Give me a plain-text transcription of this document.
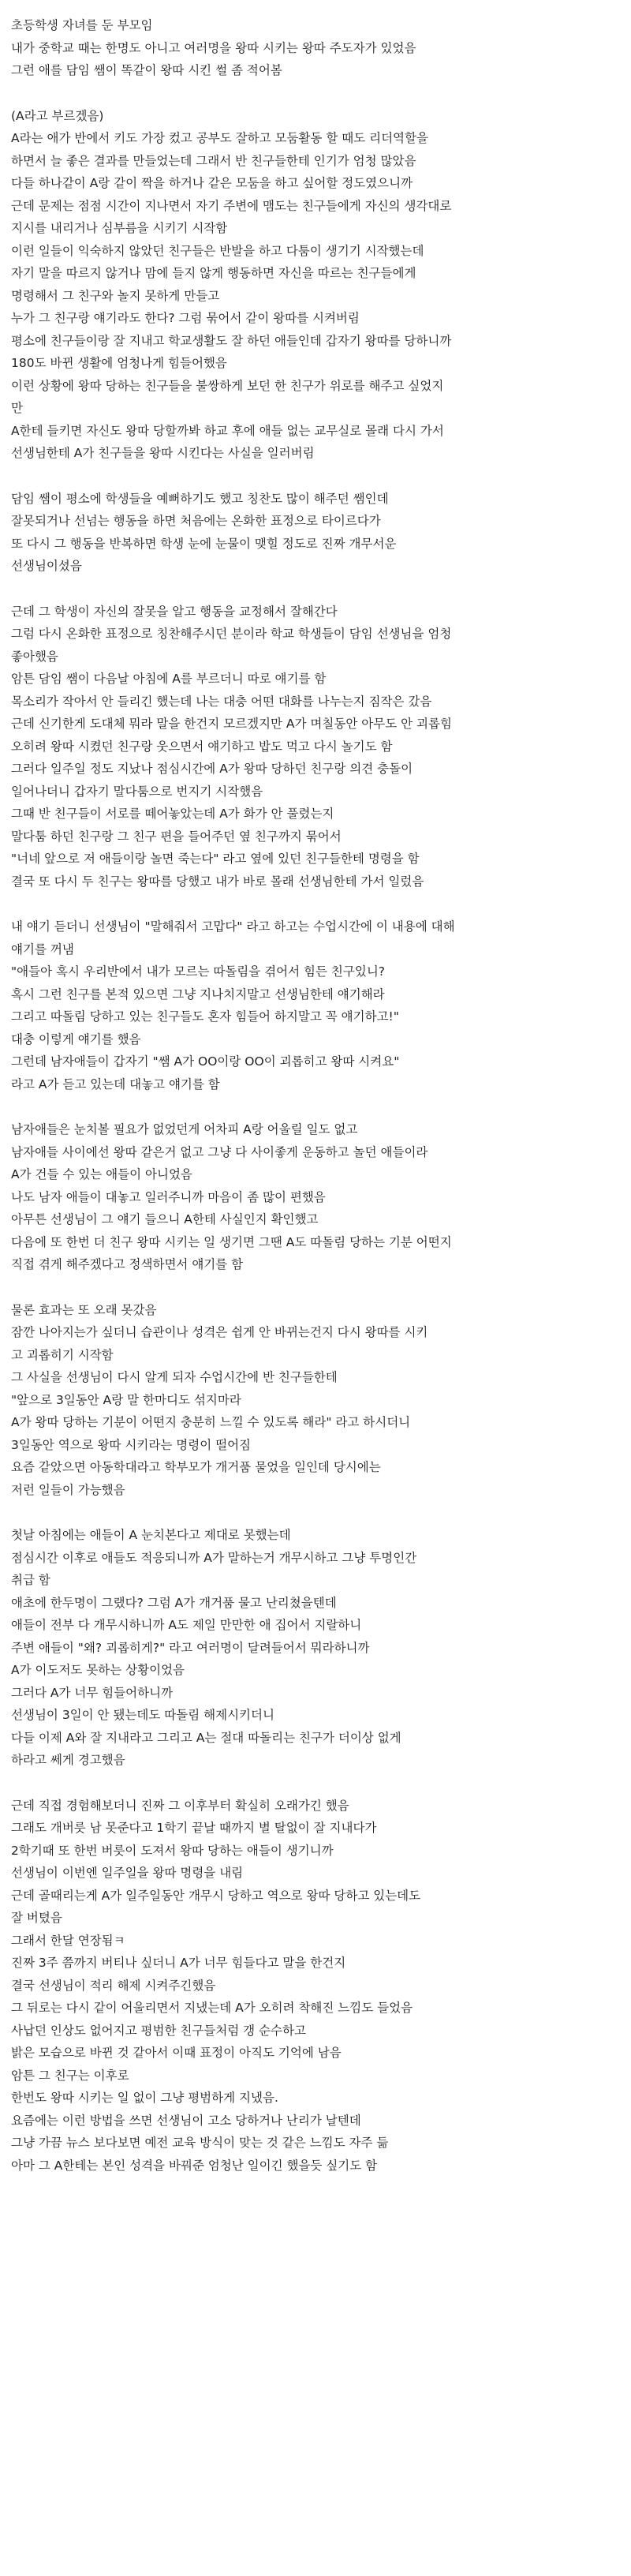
초등학생 자녀를 둔 부모임
내가 중학교 때는 한명도 아니고 여러명을 왕따 시키는 왕따 주도자가 있었음
그런 애를 담임 쌤이 똑같이 왕따 시킨 썰 좀 적어봄
(A라고 부르겠음)
A라는 애가 반에서 키도 가장 컸고 공부도 잘하고 모둠활동 할 때도 리더역할을
하면서 늘 좋은 결과를 만들었는데 그래서 반 친구들한테 인기가 엄청 많았음
다들 하나같이 A랑 같이 짝을 하거나 같은 모둠을 하고 싶어할 정도였으니까
근데 문제는 점점 시간이 지나면서 자기 주변에 맴도는 친구들에게 자신의 생각대로
지시를 내리거나 심부름을 시키기 시작함
이런 일들이 익숙하지 않았던 친구들은 반발을 하고 다툼이 생기기 시작했는데
자기 말을 따르지 않거나 맘에 들지 않게 행동하면 자신을 따르는 친구들에게
명령해서 그 친구와 놀지 못하게 만들고
누가 그 친구랑 얘기라도 한다? 그럼 묶어서 같이 왕따를 시켜버림
평소에 친구들이랑 잘 지내고 학교생활도 잘 하던 애들인데 갑자기 왕따를 당하니까
180도 바뀐 생활에 엄청나게 힘들어했음
이런 상황에 왕따 당하는 친구들을 불쌍하게 보던 한 친구가 위로를 해주고 싶었지
만
A한테 들키면 자신도 왕따 당할까봐 하교 후에 애들 없는 교무실로 몰래 다시 가서
선생님한테 A가 친구들을 왕따 시킨다는 사실을 일러버림
담임 쌤이 평소에 학생들을 예뻐하기도 했고 칭찬도 많이 해주던 쌤인데
잘못되거나 선넘는 행동을 하면 처음에는 온화한 표정으로 타이르다가
또 다시 그 행동을 반복하면 학생 눈에 눈물이 맺힐 정도로 진짜 개무서운
선생님이셨음
근데 그 학생이 자신의 잘못을 알고 행동을 교정해서 잘해간다
그럼 다시 온화한 표정으로 칭찬해주시던 분이라 학교 학생들이 담임 선생님을 엄청
좋아했음
암튼 담임 쌤이 다음날 아침에 A를 부르더니 따로 얘기를 함
목소리가 작아서 안 들리긴 했는데 나는 대충 어떤 대화를 나누는지 짐작은 갔음
근데 신기한게 도대체 뭐라 말을 한건지 모르겠지만 A가 며칠동안 아무도 안 괴롭힘
오히려 왕따 시켰던 친구랑 웃으면서 얘기하고 밥도 먹고 다시 놀기도 함
그러다 일주일 정도 지났나 점심시간에 A가 왕따 당하던 친구랑 의견 충돌이
일어나더니 갑자기 말다툼으로 번지기 시작했음
그때 반 친구들이 서로를 떼어놓았는데 A가 화가 안 풀렸는지
말다툼 하던 친구랑 그 친구 편을 들어주던 옆 친구까지 묶어서
"너네 앞으로 저 애들이랑 놀면 죽는다" 라고 옆에 있던 친구들한테 명령을 함
결국 또 다시 두 친구는 왕따를 당했고 내가 바로 몰래 선생님한테 가서 일렀음
내 얘기 듣더니 선생님이 "말해줘서 고맙다" 라고 하고는 수업시간에 이 내용에 대해
얘기를 꺼냄
"애들아 혹시 우리반에서 내가 모르는 따돌림을 겪어서 힘든 친구있니?
혹시 그런 친구를 본적 있으면 그냥 지나치지말고 선생님한테 얘기해라
그리고 따돌림 당하고 있는 친구들도 혼자 힘들어 하지말고 꼭 얘기하고!"
대충 이렇게 얘기를 했음
그런데 남자애들이 갑자기 "쌤 A가 OO이랑 OO이 괴롭히고 왕따 시켜요"
라고 A가 듣고 있는데 대놓고 얘기를 함
남자애들은 눈치볼 필요가 없었던게 어차피 A랑 어울릴 일도 없고
남자애들 사이에선 왕따 같은거 없고 그냥 다 사이좋게 운동하고 놀던 애들이라
A가 건들 수 있는 애들이 아니었음
나도 남자 애들이 대놓고 일러주니까 마음이 좀 많이 편했음
아무튼 선생님이 그 얘기 들으니 A한테 사실인지 확인했고
다음에 또 한번 더 친구 왕따 시키는 일 생기면 그땐 A도 따돌림 당하는 기분 어떤지
직접 겪게 해주겠다고 정색하면서 얘기를 함
물론 효과는 또 오래 못갔음
잠깐 나아지는가 싶더니 습관이나 성격은 쉽게 안 바뀌는건지 다시 왕따를 시키
고 괴롭히기 시작함
그 사실을 선생님이 다시 알게 되자 수업시간에 반 친구들한테
"앞으로 3일동안 A랑 말 한마디도 섞지마라
A가 왕따 당하는 기분이 어떤지 충분히 느낄 수 있도록 해라" 라고 하시더니
3일동안 역으로 왕따 시키라는 명령이 떨어짐
요즘 같았으면 아동학대라고 학부모가 개거품 물었을 일인데 당시에는
저런 일들이 가능했음
첫날 아침에는 애들이 A 눈치본다고 제대로 못했는데
점심시간 이후로 애들도 적응되니까 A가 말하는거 개무시하고 그냥 투명인간
취급 함
애초에 한두명이 그랬다? 그럼 A가 개거품 물고 난리쳤을텐데
애들이 전부 다 개무시하니까 A도 제일 만만한 애 집어서 지랄하니
주변 애들이 "왜? 괴롭히게?" 라고 여러명이 달려들어서 뭐라하니까
A가 이도저도 못하는 상황이었음
그러다 A가 너무 힘들어하니까
선생님이 3일이 안 됐는데도 따돌림 해제시키더니
다들 이제 A와 잘 지내라고 그리고 A는 절대 따돌리는 친구가 더이상 없게
하라고 쎄게 경고했음
근데 직접 경험해보더니 진짜 그 이후부터 확실히 오래가긴 했음
그래도 개버릇 남 못준다고 1학기 끝날 때까지 별 탈없이 잘 지내다가
2학기때 또 한번 버릇이 도져서 왕따 당하는 애들이 생기니까
선생님이 이번엔 일주일을 왕따 명령을 내림
근데 골때리는게 A가 일주일동안 개무시 당하고 역으로 왕따 당하고 있는데도
잘 버텼음
그래서 한달 연장됨ㅋ
진짜 3주 쯤까지 버티나 싶더니 A가 너무 힘들다고 말을 한건지
결국 선생님이 적리 해제 시켜주긴했음
그 뒤로는 다시 같이 어울리면서 지냈는데 A가 오히려 착해진 느낌도 들었음
사납던 인상도 없어지고 평범한 친구들처럼 갱 순수하고
밝은 모습으로 바뀐 것 같아서 이때 표정이 아직도 기억에 남음
암튼 그 친구는 이후로
한번도 왕따 시키는 일 없이 그냥 평범하게 지냈음.
요즘에는 이런 방법을 쓰면 선생님이 고소 당하거나 난리가 날텐데
그냥 가끔 뉴스 보다보면 예전 교육 방식이 맞는 것 같은 느낌도 자주 듦
아마 그 A한테는 본인 성격을 바꿔준 엄청난 일이긴 했을듯 싶기도 함
